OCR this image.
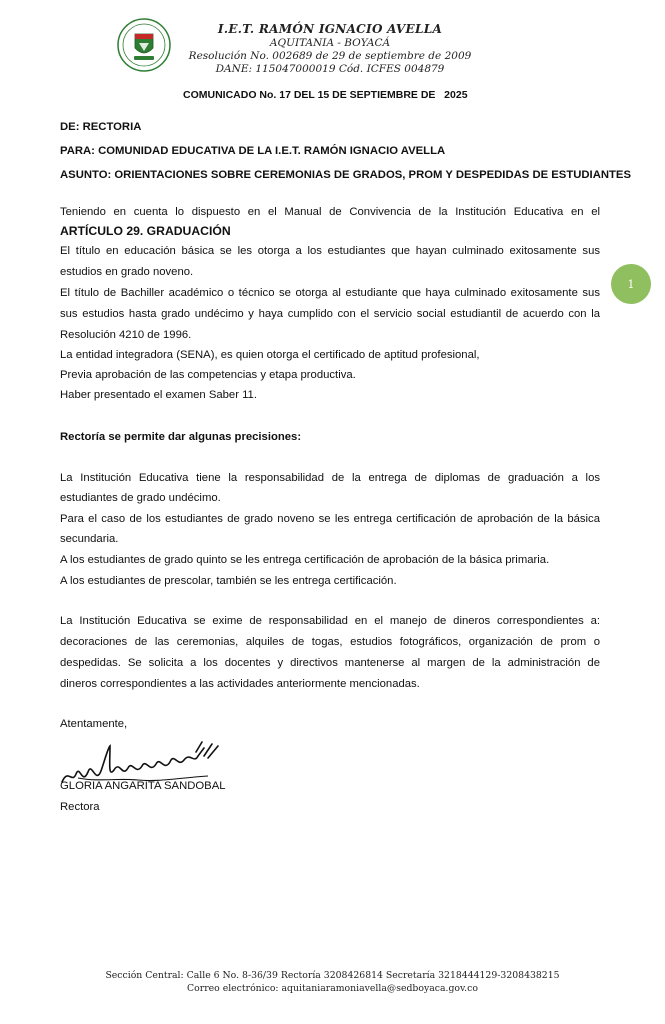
I.E.T. RAMÓN IGNACIO AVELLA
AQUITANIA - BOYACÁ
Resolución No. 002689 de 29 de septiembre de 2009
DANE: 115047000019 Cód. ICFES 004879
COMUNICADO No. 17 DEL 15 DE SEPTIEMBRE DE   2025
DE: RECTORIA
PARA: COMUNIDAD EDUCATIVA DE LA I.E.T. RAMÓN IGNACIO AVELLA
ASUNTO: ORIENTACIONES SOBRE CEREMONIAS DE GRADOS, PROM Y DESPEDIDAS DE ESTUDIANTES
Teniendo en cuenta lo dispuesto en el Manual de Convivencia de la Institución Educativa en el
ARTÍCULO 29. GRADUACIÓN
El título en educación básica se les otorga a los estudiantes que hayan culminado exitosamente sus
estudios en grado noveno.
El título de Bachiller académico o técnico se otorga al estudiante que haya culminado exitosamente sus
sus estudios hasta grado undécimo y haya cumplido con el servicio social estudiantil de acuerdo con la
Resolución 4210 de 1996.
La entidad integradora (SENA), es quien otorga el certificado de aptitud profesional,
Previa aprobación de las competencias y etapa productiva.
Haber presentado el examen Saber 11.
Rectoría se permite dar algunas precisiones:
La Institución Educativa tiene la responsabilidad de la entrega de diplomas de graduación a los
estudiantes de grado undécimo.
Para el caso de los estudiantes de grado noveno se les entrega certificación de aprobación de la básica
secundaria.
A los estudiantes de grado quinto se les entrega certificación de aprobación de la básica primaria.
A los estudiantes de prescolar, también se les entrega certificación.
La Institución Educativa se exime de responsabilidad en el manejo de dineros correspondientes a:
decoraciones de las ceremonias, alquiles de togas, estudios fotográficos, organización de prom o
despedidas. Se solicita a los docentes y directivos mantenerse al margen de la administración de
dineros correspondientes a las actividades anteriormente mencionadas.
Atentamente,
GLORIA ANGARITA SANDOBAL
Rectora
1
Sección Central: Calle 6 No. 8-36/39 Rectoría 3208426814 Secretaría 3218444129-3208438215
Correo electrónico: aquitaniaramoniavella@sedboyaca.gov.co
